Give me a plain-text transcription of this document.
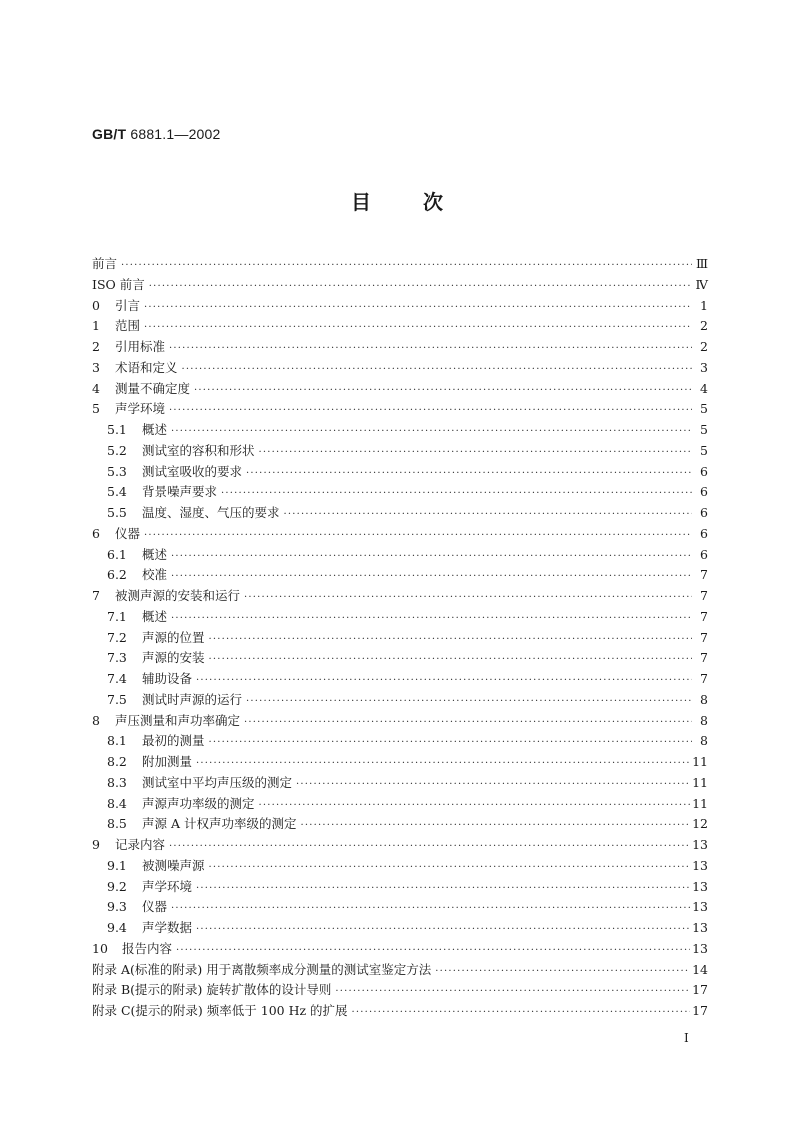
GB/T 6881.1—2002
目	次
前言 ·····	Ⅲ
ISO 前言 ·····	Ⅳ
0	引言 ·····	1
1	范围 ·····	2
2	引用标准 ·····	2
3	术语和定义 ·····	3
4	测量不确定度 ·····	4
5	声学环境 ·····	5
5.1	概述 ·····	5
5.2	测试室的容积和形状 ·····	5
5.3	测试室吸收的要求 ·····	6
5.4	背景噪声要求 ·····	6
5.5	温度、湿度、气压的要求 ·····	6
6	仪器 ·····	6
6.1	概述 ·····	6
6.2	校准 ·····	7
7	被测声源的安装和运行 ·····	7
7.1	概述 ·····	7
7.2	声源的位置 ·····	7
7.3	声源的安装 ·····	7
7.4	辅助设备 ·····	7
7.5	测试时声源的运行 ·····	8
8	声压测量和声功率确定 ·····	8
8.1	最初的测量 ·····	8
8.2	附加测量 ·····	11
8.3	测试室中平均声压级的测定 ·····	11
8.4	声源声功率级的测定 ·····	11
8.5	声源 A 计权声功率级的测定 ·····	12
9	记录内容 ·····	13
9.1	被测噪声源 ·····	13
9.2	声学环境 ·····	13
9.3	仪器 ·····	13
9.4	声学数据 ·····	13
10	报告内容 ·····	13
附录 A(标准的附录) 用于离散频率成分测量的测试室鉴定方法 ·····	14
附录 B(提示的附录) 旋转扩散体的设计导则 ·····	17
附录 C(提示的附录) 频率低于 100 Hz 的扩展 ·····	17
I
